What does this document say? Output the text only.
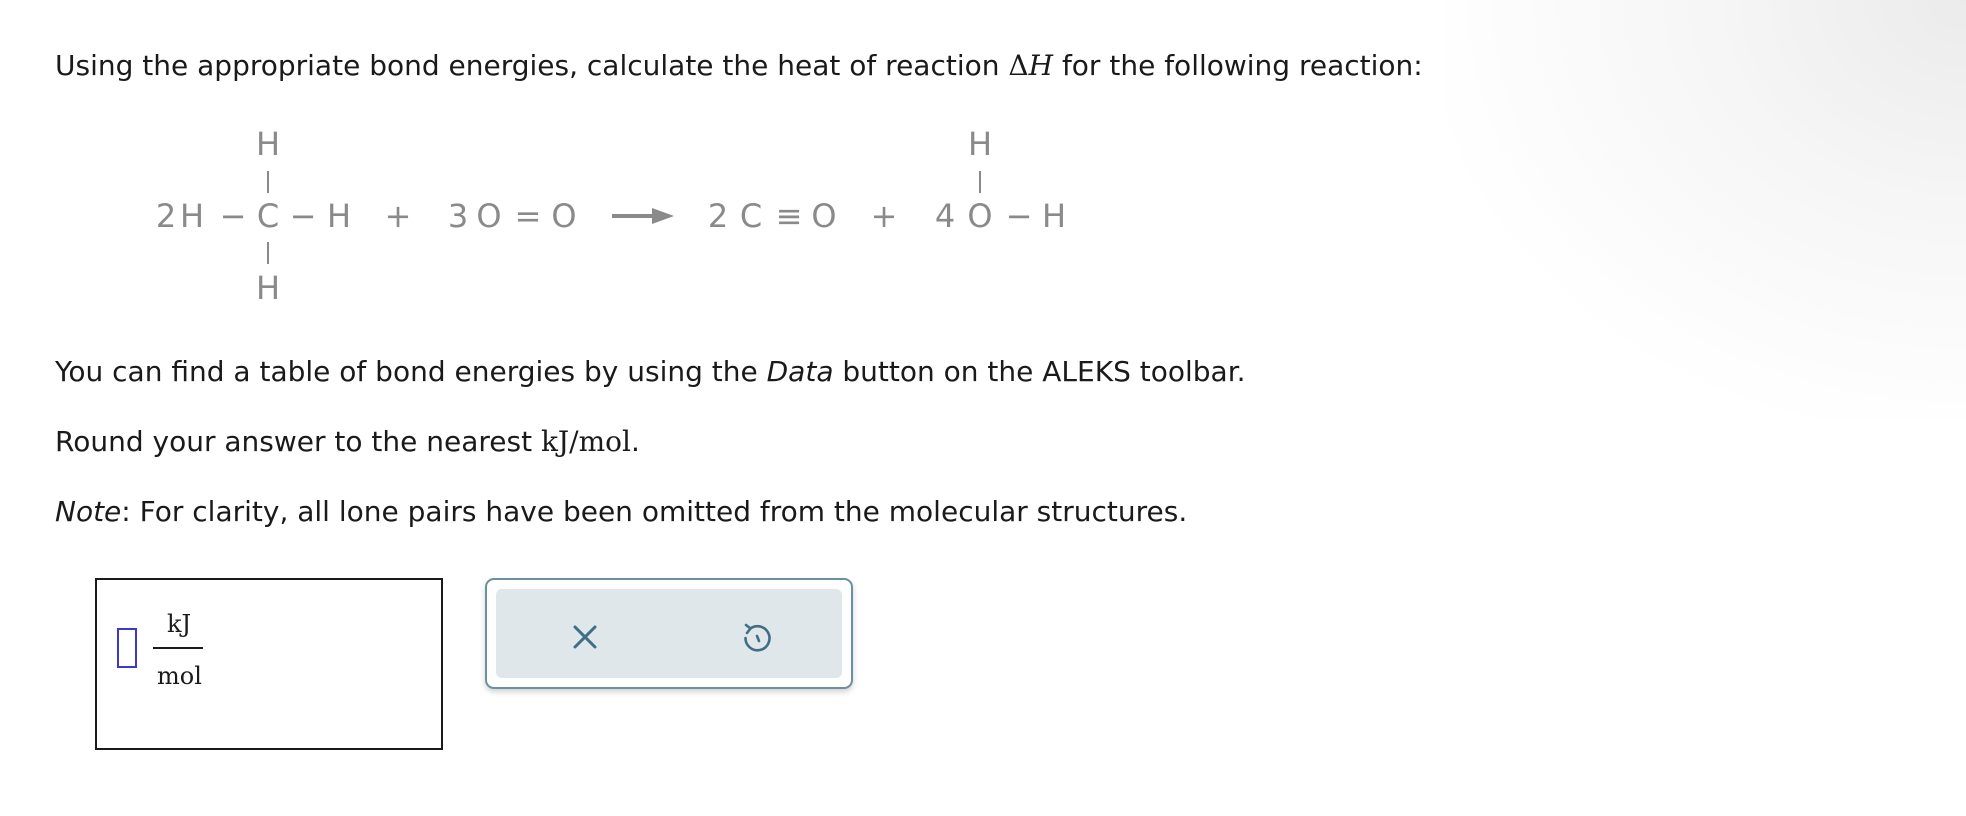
Using the appropriate bond energies, calculate the heat of reaction ΔH for the following reaction:
2 H − C − H
H
H
+ 3 O = O	2 C ≡ O + 4 O − H
H
You can find a table of bond energies by using the Data button on the ALEKS toolbar.
Round your answer to the nearest kJ/mol.
Note: For clarity, all lone pairs have been omitted from the molecular structures.
kJ
mol
